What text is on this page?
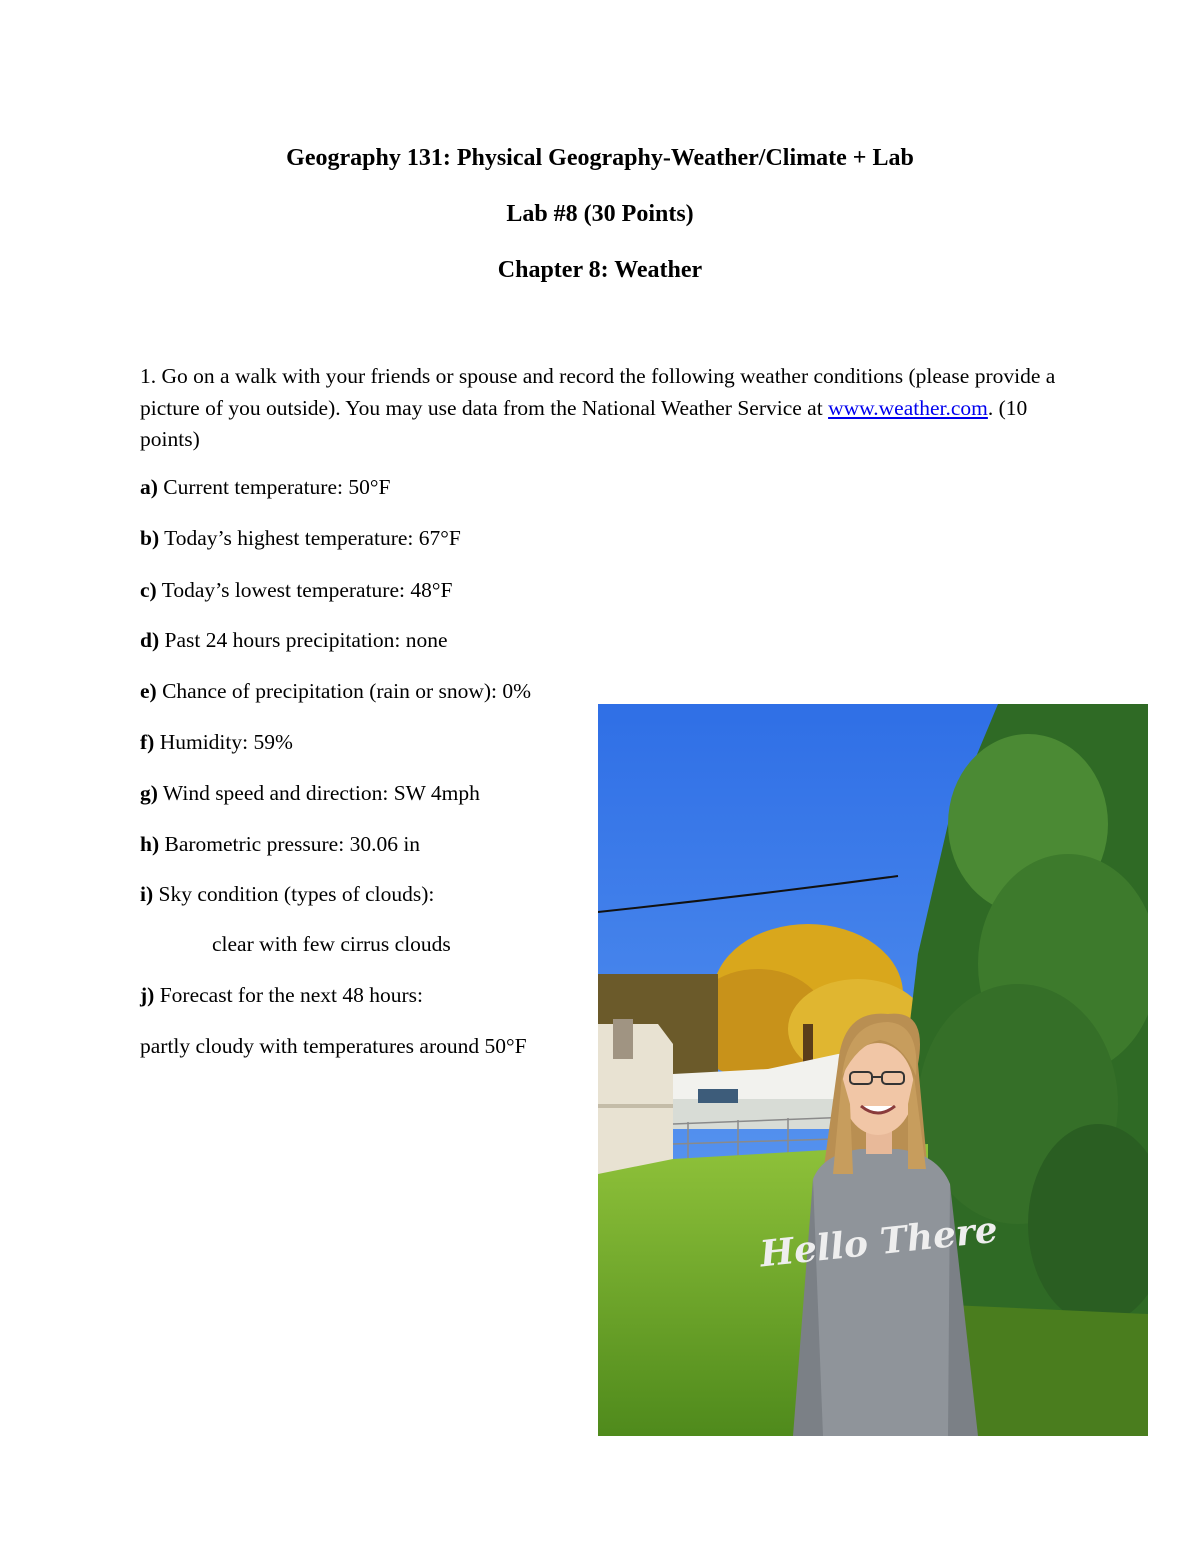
Geography 131: Physical Geography-Weather/Climate + Lab
Lab #8 (30 Points)
Chapter 8: Weather

1. Go on a walk with your friends or spouse and record the following weather conditions (please provide a picture of you outside). You may use data from the National Weather Service at www.weather.com. (10 points)

a) Current temperature: 50°F

b) Today’s highest temperature: 67°F

c) Today’s lowest temperature: 48°F

d) Past 24 hours precipitation: none

e) Chance of precipitation (rain or snow): 0%

f) Humidity: 59%

g) Wind speed and direction: SW 4mph

h) Barometric pressure: 30.06 in

i) Sky condition (types of clouds):

clear with few cirrus clouds

j) Forecast for the next 48 hours:

partly cloudy with temperatures around 50°F

Hello There
